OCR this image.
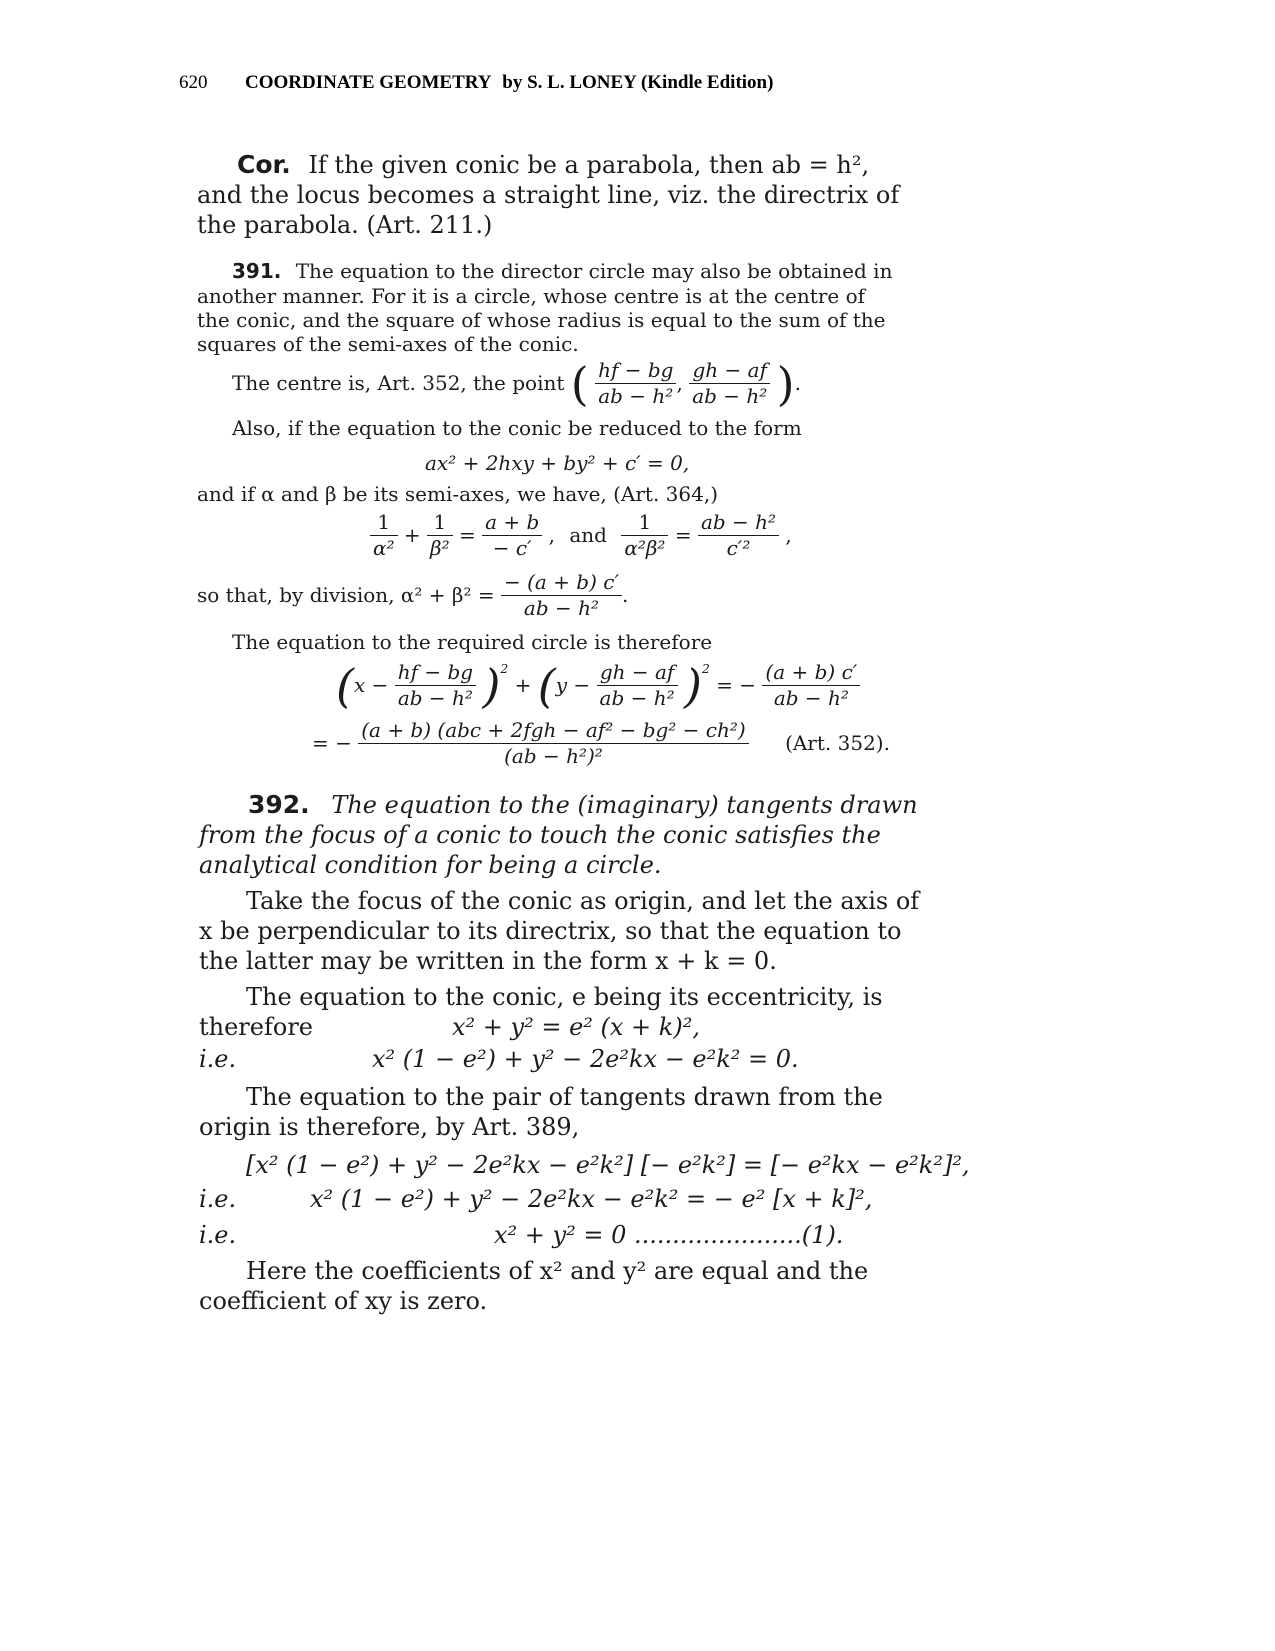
620 COORDINATE GEOMETRY by S. L. LONEY (Kindle Edition)
Cor. If the given conic be a parabola, then ab = h²,
and the locus becomes a straight line, viz. the directrix of
the parabola. (Art. 211.)
391. The equation to the director circle may also be obtained in
another manner. For it is a circle, whose centre is at the centre of
the conic, and the square of whose radius is equal to the sum of the
squares of the semi-axes of the conic.
The centre is, Art. 352, the point ( $\frac{hf - bg}{\text{ab − h²}}$ , $\frac{gh - af}{\text{ab − h²}}$ ).
Also, if the equation to the conic be reduced to the form
ax² + 2hxy + by² + c′ = 0,
and if α and β be its semi-axes, we have, (Art. 364,)
$\frac{1}{\text{α²}} + \frac{1}{\text{β²}} = \frac{a + b}{- c'}$ , and $\frac{1}{\text{α²β²}} = \frac{\text{ab − h²}}{\text{c′²}}$ ,
so that, by division, $\alpha^2 + \beta^2 = \frac{- (a + b) c'}{\text{ab − h²}}$ .
The equation to the required circle is therefore
$(x - \frac{hf - bg}{\text{ab − h²}} )^2 + (y - \frac{gh - af}{\text{ab − h²}} )^2$ = − $\frac{(a + b) c'}{\text{ab − h²}}$
= − $\frac{\text{(a + b) (abc + 2fgh − af² − bg² − ch²)}}{\text{(ab − h²)²}} (Art$. 352).
392. The equation to the (imaginary) tangents drawn
from the focus of a conic to touch the conic satisfies the
analytical condition for being a circle.
Take the focus of the conic as origin, and let the axis of
x be perpendicular to its directrix, so that the equation to
the latter may be written in the form x + k = 0.
The equation to the conic, e being its eccentricity, is
therefore	x² + y² = e² (x + k)²,
i.e.	x² (1 − e²) + y² − 2e²kx − e²k² = 0.
The equation to the pair of tangents drawn from the
origin is therefore, by Art. 389,
[x² (1 − e²) + y² − 2e²kx − e²k²] [− e²k²] = [− e²kx − e²k²]²,
i.e.	x² (1 − e²) + y² − 2e²kx − e²k² = − e² [x + k]²,
i.e.	x² + y² = 0 ......................(1).
Here the coefficients of x² and y² are equal and the
coefficient of xy is zero.
